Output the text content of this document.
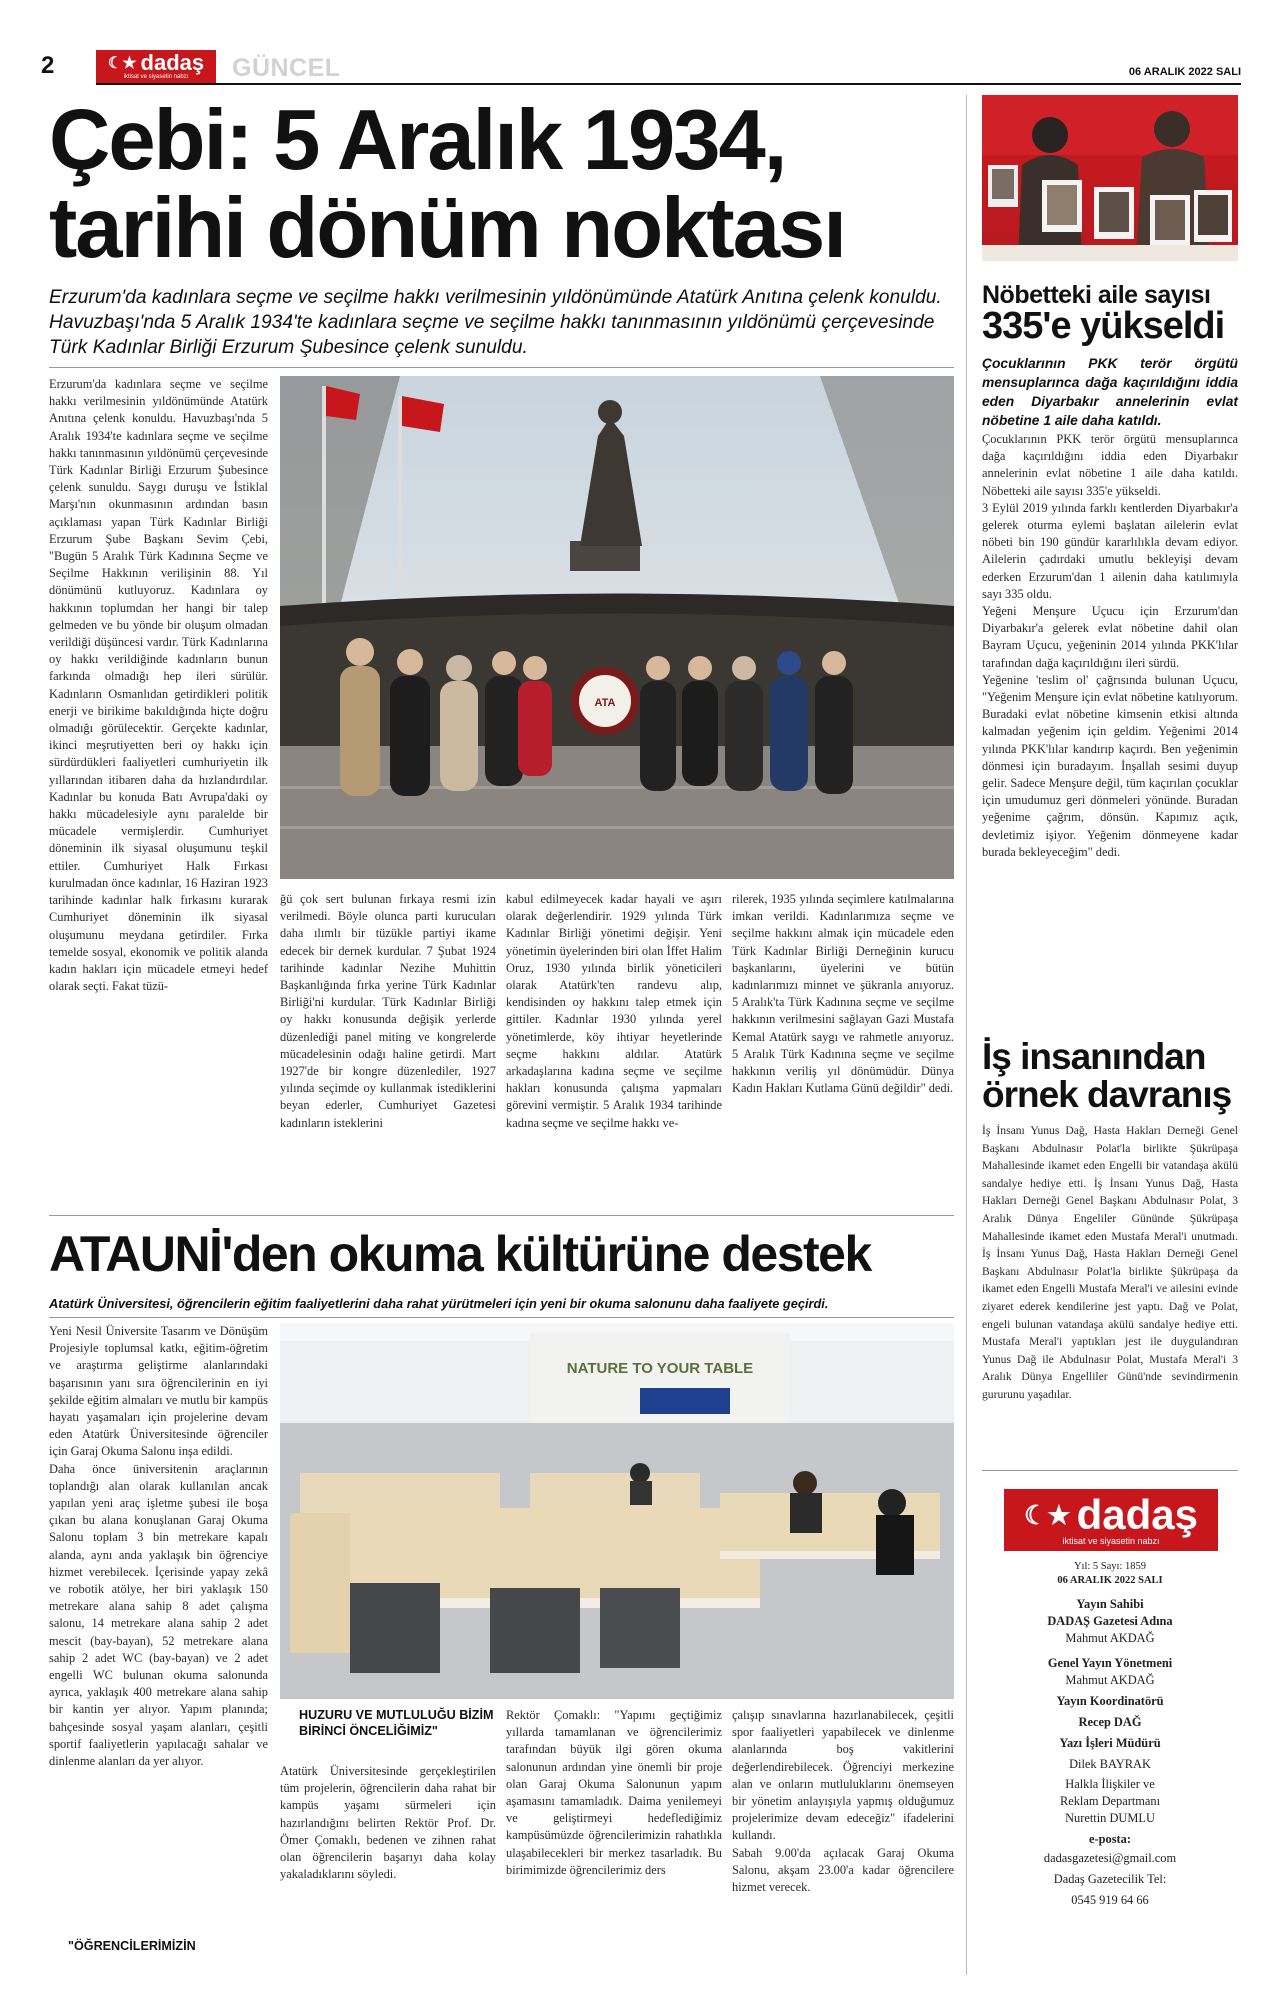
2	☾★ dadaş
iktisat ve siyasetin nabzı GÜNCEL	06 ARALIK 2022 SALI
Çebi: 5 Aralık 1934,
tarihi dönüm noktası
Erzurum'da kadınlara seçme ve seçilme hakkı verilmesinin yıldönümünde Atatürk Anıtına çelenk konuldu. Havuzbaşı'nda 5 Aralık 1934'te kadınlara seçme ve seçilme hakkı tanınmasının yıldönümü çerçevesinde Türk Kadınlar Birliği Erzurum Şubesince çelenk sunuldu.
Erzurum'da kadınlara seçme ve seçilme hakkı verilmesinin yıldönümünde Atatürk Anıtına çelenk konuldu. Havuzbaşı'nda 5 Aralık 1934'te kadınlara seçme ve seçilme hakkı tanınmasının yıldönümü çerçevesinde Türk Kadınlar Birliği Erzurum Şubesince çelenk sunuldu. Saygı duruşu ve İstiklal Marşı'nın okunmasının ardından basın açıklaması yapan Türk Kadınlar Birliği Erzurum Şube Başkanı Sevim Çebi, "Bugün 5 Aralık Türk Kadınına Seçme ve Seçilme Hakkının verilişinin 88. Yıl dönümünü kutluyoruz. Kadınlara oy hakkının toplumdan her hangi bir talep gelmeden ve bu yönde bir oluşum olmadan verildiği düşüncesi vardır. Türk Kadınlarına oy hakkı verildiğinde kadınların bunun farkında olmadığı hep ileri sürülür. Kadınların Osmanlıdan getirdikleri politik enerji ve birikime bakıldığında hiçte doğru olmadığı görülecektir. Gerçekte kadınlar, ikinci meşrutiyetten beri oy hakkı için sürdürdükleri faaliyetleri cumhuriyetin ilk yıllarından itibaren daha da hızlandırdılar. Kadınlar bu konuda Batı Avrupa'daki oy hakkı mücadelesiyle aynı paralelde bir mücadele vermişlerdir. Cumhuriyet döneminin ilk siyasal oluşumunu teşkil ettiler. Cumhuriyet Halk Fırkası kurulmadan önce kadınlar, 16 Haziran 1923 tarihinde kadınlar halk fırkasını kurarak Cumhuriyet döneminin ilk siyasal oluşumunu meydana getirdiler. Fırka temelde sosyal, ekonomik ve politik alanda kadın hakları için mücadele etmeyi hedef olarak seçti. Fakat tüzü-
ATA
ğü çok sert bulunan fırkaya resmi izin verilmedi. Böyle olunca parti kurucuları daha ılımlı bir tüzükle partiyi ikame edecek bir dernek kurdular. 7 Şubat 1924 tarihinde kadınlar Nezihe Muhittin Başkanlığında fırka yerine Türk Kadınlar Birliği'ni kurdular. Türk Kadınlar Birliği oy hakkı konusunda değişik yerlerde düzenlediği panel miting ve kongrelerde mücadelesinin odağı haline getirdi. Mart 1927'de bir kongre düzenlediler, 1927 yılında seçimde oy kullanmak istediklerini beyan ederler, Cumhuriyet Gazetesi kadınların isteklerini
kabul edilmeyecek kadar hayali ve aşırı olarak değerlendirir. 1929 yılında Türk Kadınlar Birliği yönetimi değişir. Yeni yönetimin üyelerinden biri olan İffet Halim Oruz, 1930 yılında birlik yöneticileri olarak Atatürk'ten randevu alıp, kendisinden oy hakkını talep etmek için gittiler. Kadınlar 1930 yılında yerel yönetimlerde, köy ihtiyar heyetlerinde seçme hakkını aldılar. Atatürk arkadaşlarına kadına seçme ve seçilme hakları konusunda çalışma yapmaları görevini vermiştir. 5 Aralık 1934 tarihinde kadına seçme ve seçilme hakkı ve-
rilerek, 1935 yılında seçimlere katılmalarına imkan verildi. Kadınlarımıza seçme ve seçilme hakkını almak için mücadele eden Türk Kadınlar Birliği Derneğinin kurucu başkanlarını, üyelerini ve bütün kadınlarımızı minnet ve şükranla anıyoruz. 5 Aralık'ta Türk Kadınına seçme ve seçilme hakkının verilmesini sağlayan Gazi Mustafa Kemal Atatürk saygı ve rahmetle anıyoruz. 5 Aralık Türk Kadınına seçme ve seçilme hakkının veriliş yıl dönümüdür. Dünya Kadın Hakları Kutlama Günü değildir" dedi.
Nöbetteki aile sayısı
335'e yükseldi
Çocuklarının PKK terör örgütü mensuplarınca dağa kaçırıldığını iddia eden Diyarbakır annelerinin evlat nöbetine 1 aile daha katıldı.
Çocuklarının PKK terör örgütü mensuplarınca dağa kaçırıldığını iddia eden Diyarbakır annelerinin evlat nöbetine 1 aile daha katıldı. Nöbetteki aile sayısı 335'e yükseldi.
3 Eylül 2019 yılında farklı kentlerden Diyarbakır'a gelerek oturma eylemi başlatan ailelerin evlat nöbeti bin 190 gündür kararlılıkla devam ediyor. Ailelerin çadırdaki umutlu bekleyişi devam ederken Erzurum'dan 1 ailenin daha katılımıyla sayı 335 oldu.
Yeğeni Menşure Uçucu için Erzurum'dan Diyarbakır'a gelerek evlat nöbetine dahil olan Bayram Uçucu, yeğeninin 2014 yılında PKK'lılar tarafından dağa kaçırıldığını ileri sürdü.
Yeğenine 'teslim ol' çağrısında bulunan Uçucu, "Yeğenim Menşure için evlat nöbetine katılıyorum. Buradaki evlat nöbetine kimsenin etkisi altında kalmadan yeğenim için geldim. Yeğenimi 2014 yılında PKK'lılar kandırıp kaçırdı. Ben yeğenimin dönmesi için buradayım. İnşallah sesimi duyup gelir. Sadece Menşure değil, tüm kaçırılan çocuklar için umudumuz geri dönmeleri yönünde. Buradan yeğenime çağrım, dönsün. Kapımız açık, devletimiz işiyor. Yeğenim dönmeyene kadar burada bekleyeceğim" dedi.
İş insanından
örnek davranış
İş İnsanı Yunus Dağ, Hasta Hakları Derneği Genel Başkanı Abdulnasır Polat'la birlikte Şükrüpaşa Mahallesinde ikamet eden Engelli bir vatandaşa akülü sandalye hediye etti. İş İnsanı Yunus Dağ, Hasta Hakları Derneği Genel Başkanı Abdulnasır Polat, 3 Aralık Dünya Engeliler Gününde Şükrüpaşa Mahallesinde ikamet eden Mustafa Meral'i unutmadı. İş İnsanı Yunus Dağ, Hasta Hakları Derneği Genel Başkanı Abdulnasır Polat'la birlikte Şükrüpaşa da ikamet eden Engelli Mustafa Meral'i ve ailesini evinde ziyaret ederek kendilerine jest yaptı. Dağ ve Polat, engeli bulunan vatandaşa akülü sandalye hediye etti. Mustafa Meral'i yaptıkları jest ile duygulandıran Yunus Dağ ile Abdulnasır Polat, Mustafa Meral'i 3 Aralık Dünya Engelliler Günü'nde sevindirmenin gururunu yaşadılar.
☾★ dadaş
iktisat ve siyasetin nabzı
Yıl: 5 Sayı: 1859
06 ARALIK 2022 SALI
Yayın Sahibi
DADAŞ Gazetesi Adına
Mahmut AKDAĞ
Genel Yayın Yönetmeni
Mahmut AKDAĞ
Yayın Koordinatörü
Recep DAĞ
Yazı İşleri Müdürü
Dilek BAYRAK
Halkla İlişkiler ve
Reklam Departmanı
Nurettin DUMLU
e-posta:
dadasgazetesi@gmail.com
Dadaş Gazetecilik Tel:
0545 919 64 66
ATAUNİ'den okuma kültürüne destek
Atatürk Üniversitesi, öğrencilerin eğitim faaliyetlerini daha rahat yürütmeleri için yeni bir okuma salonunu daha faaliyete geçirdi.
Yeni Nesil Üniversite Tasarım ve Dönüşüm Projesiyle toplumsal katkı, eğitim-öğretim ve araştırma geliştirme alanlarındaki başarısının yanı sıra öğrencilerinin en iyi şekilde eğitim almaları ve mutlu bir kampüs hayatı yaşamaları için projelerine devam eden Atatürk Üniversitesinde öğrenciler için Garaj Okuma Salonu inşa edildi.
Daha önce üniversitenin araçlarının toplandığı alan olarak kullanılan ancak yapılan yeni araç işletme şubesi ile boşa çıkan bu alana konuşlanan Garaj Okuma Salonu toplam 3 bin metrekare kapalı alanda, aynı anda yaklaşık bin öğrenciye hizmet verebilecek. İçerisinde yapay zekâ ve robotik atölye, her biri yaklaşık 150 metrekare alana sahip 8 adet çalışma salonu, 14 metrekare alana sahip 2 adet mescit (bay-bayan), 52 metrekare alana sahip 2 adet WC (bay-bayan) ve 2 adet engelli WC bulunan okuma salonunda ayrıca, yaklaşık 400 metrekare alana sahip bir kantin yer alıyor. Yapım planında; bahçesinde sosyal yaşam alanları, çeşitli sportif faaliyetlerin yapılacağı sahalar ve dinlenme alanları da yer alıyor.
"ÖĞRENCİLERİMİZİN
NATURE TO YOUR TABLE
HUZURU VE MUTLULUĞU BİZİM BİRİNCİ ÖNCELİĞİMİZ"
Atatürk Üniversitesinde gerçekleştirilen tüm projelerin, öğrencilerin daha rahat bir kampüs yaşamı sürmeleri için hazırlandığını belirten Rektör Prof. Dr. Ömer Çomaklı, bedenen ve zihnen rahat olan öğrencilerin başarıyı daha kolay yakaladıklarını söyledi.
Rektör Çomaklı: "Yapımı geçtiğimiz yıllarda tamamlanan ve öğrencilerimiz tarafından büyük ilgi gören okuma salonunun ardından yine önemli bir proje olan Garaj Okuma Salonunun yapım aşamasını tamamladık. Daima yenilemeyi ve geliştirmeyi hedeflediğimiz kampüsümüzde öğrencilerimizin rahatlıkla ulaşabilecekleri bir merkez tasarladık. Bu birimimizde öğrencilerimiz ders
çalışıp sınavlarına hazırlanabilecek, çeşitli spor faaliyetleri yapabilecek ve dinlenme alanlarında boş vakitlerini değerlendirebilecek. Öğrenciyi merkezine alan ve onların mutluluklarını önemseyen bir yönetim anlayışıyla yapmış olduğumuz projelerimize devam edeceğiz" ifadelerini kullandı.
Sabah 9.00'da açılacak Garaj Okuma Salonu, akşam 23.00'a kadar öğrencilere hizmet verecek.
